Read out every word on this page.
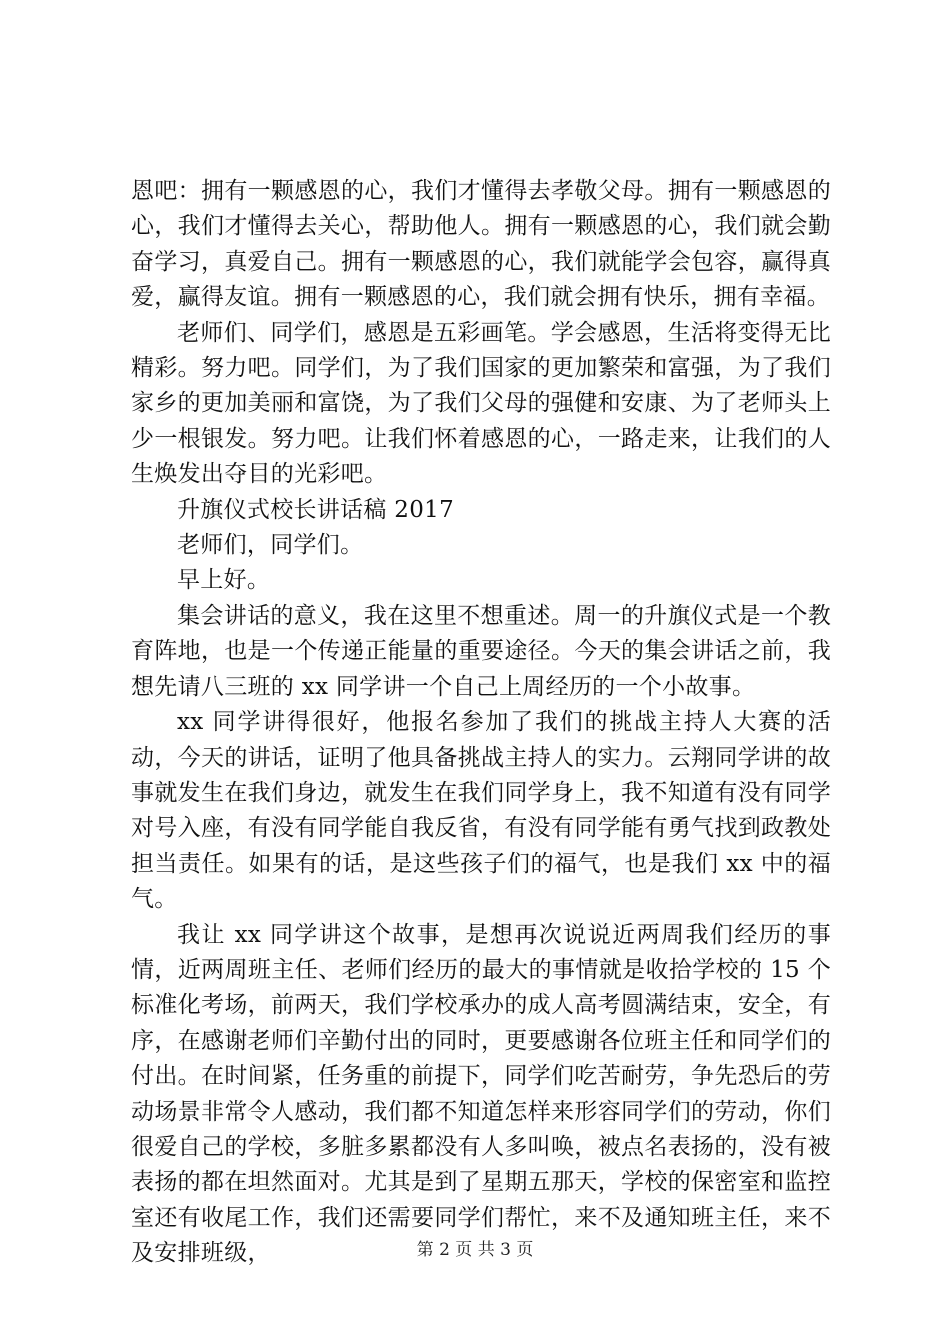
恩吧：拥有一颗感恩的心，我们才懂得去孝敬父母。拥有一颗感恩的心，我们才懂得去关心，帮助他人。拥有一颗感恩的心，我们就会勤奋学习，真爱自己。拥有一颗感恩的心，我们就能学会包容，赢得真爱，赢得友谊。拥有一颗感恩的心，我们就会拥有快乐，拥有幸福。

老师们、同学们，感恩是五彩画笔。学会感恩，生活将变得无比精彩。努力吧。同学们，为了我们国家的更加繁荣和富强，为了我们家乡的更加美丽和富饶，为了我们父母的强健和安康、为了老师头上少一根银发。努力吧。让我们怀着感恩的心，一路走来，让我们的人生焕发出夺目的光彩吧。

升旗仪式校长讲话稿 2017

老师们，同学们。

早上好。

集会讲话的意义，我在这里不想重述。周一的升旗仪式是一个教育阵地，也是一个传递正能量的重要途径。今天的集会讲话之前，我想先请八三班的 xx 同学讲一个自己上周经历的一个小故事。

xx 同学讲得很好，他报名参加了我们的挑战主持人大赛的活动，今天的讲话，证明了他具备挑战主持人的实力。云翔同学讲的故事就发生在我们身边，就发生在我们同学身上，我不知道有没有同学对号入座，有没有同学能自我反省，有没有同学能有勇气找到政教处担当责任。如果有的话，是这些孩子们的福气，也是我们 xx 中的福气。

我让 xx 同学讲这个故事，是想再次说说近两周我们经历的事情，近两周班主任、老师们经历的最大的事情就是收拾学校的 15 个标准化考场，前两天，我们学校承办的成人高考圆满结束，安全，有序，在感谢老师们辛勤付出的同时，更要感谢各位班主任和同学们的付出。在时间紧，任务重的前提下，同学们吃苦耐劳，争先恐后的劳动场景非常令人感动，我们都不知道怎样来形容同学们的劳动，你们很爱自己的学校，多脏多累都没有人多叫唤，被点名表扬的，没有被表扬的都在坦然面对。尤其是到了星期五那天，学校的保密室和监控室还有收尾工作，我们还需要同学们帮忙，来不及通知班主任，来不及安排班级，	第 2 页 共 3 页
